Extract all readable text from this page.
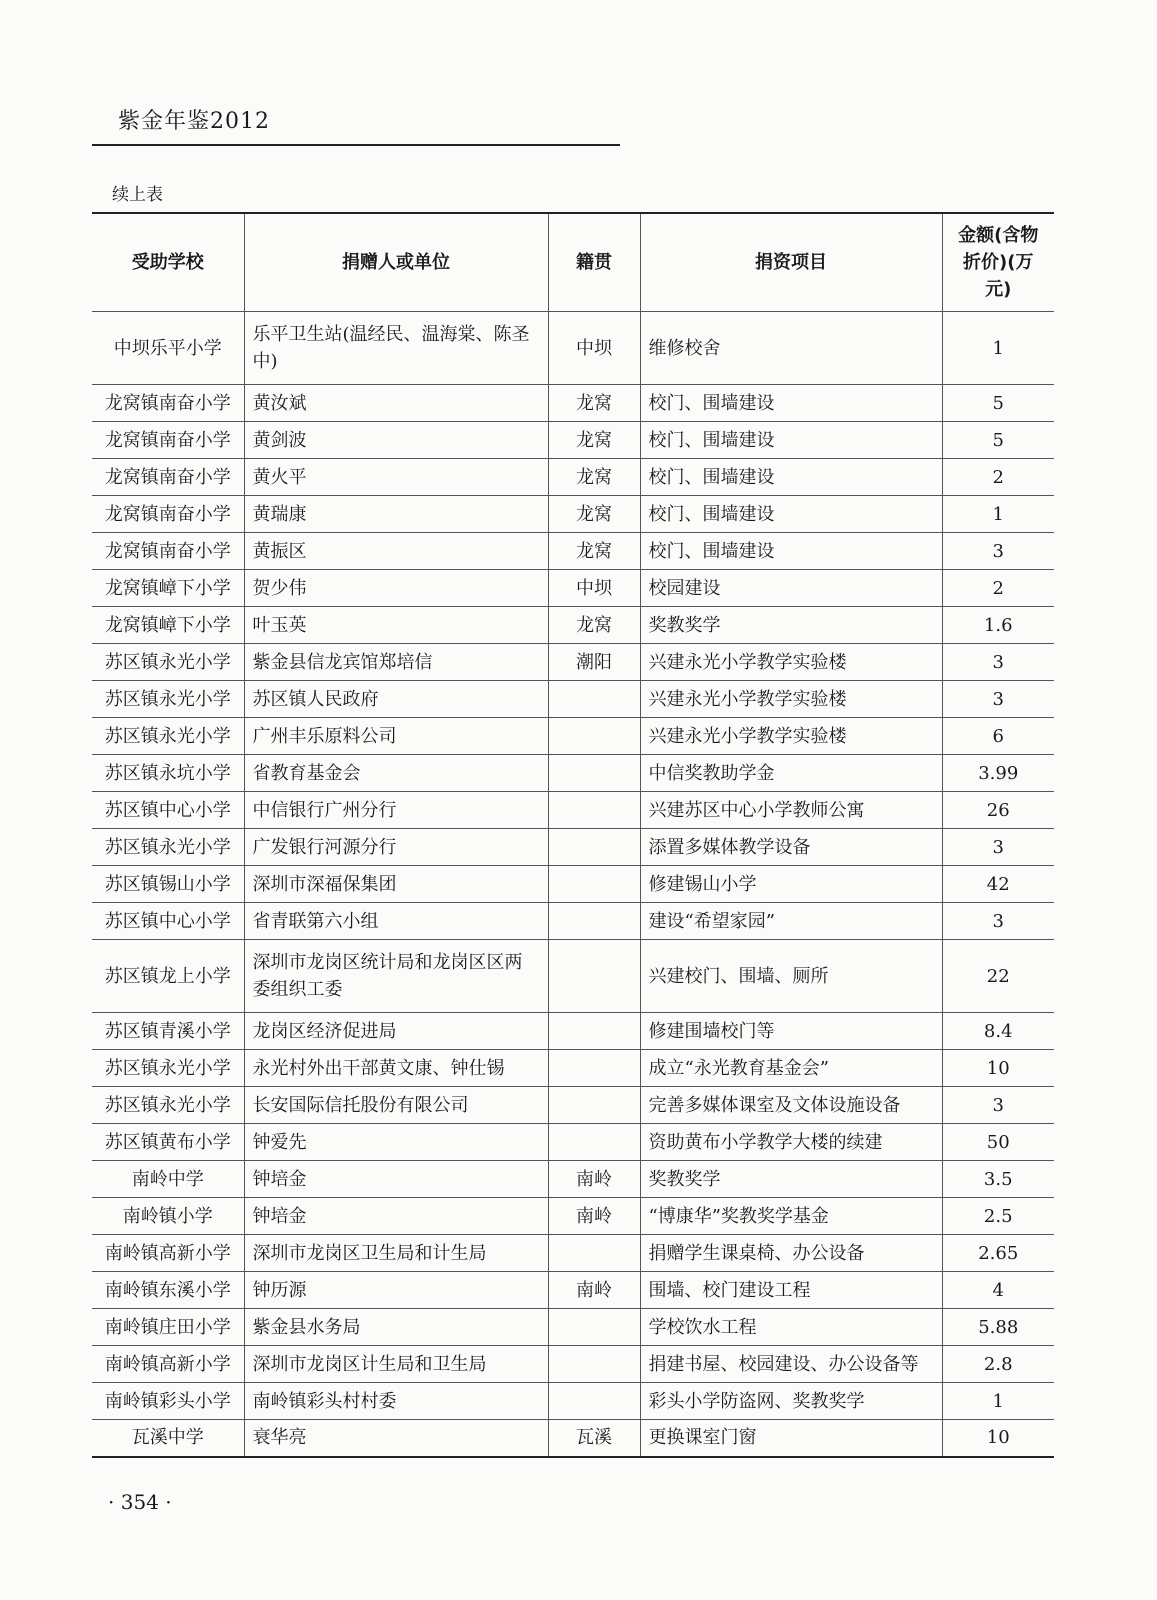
紫金年鉴2012
续上表
受助学校	捐赠人或单位	籍贯	捐资项目	金额(含物折价)(万元)
中坝乐平小学	乐平卫生站(温经民、温海棠、陈圣中)	中坝	维修校舍	1
龙窝镇南奋小学	黄汝斌	龙窝	校门、围墙建设	5
龙窝镇南奋小学	黄剑波	龙窝	校门、围墙建设	5
龙窝镇南奋小学	黄火平	龙窝	校门、围墙建设	2
龙窝镇南奋小学	黄瑞康	龙窝	校门、围墙建设	1
龙窝镇南奋小学	黄振区	龙窝	校门、围墙建设	3
龙窝镇嶂下小学	贺少伟	中坝	校园建设	2
龙窝镇嶂下小学	叶玉英	龙窝	奖教奖学	1.6
苏区镇永光小学	紫金县信龙宾馆郑培信	潮阳	兴建永光小学教学实验楼	3
苏区镇永光小学	苏区镇人民政府		兴建永光小学教学实验楼	3
苏区镇永光小学	广州丰乐原料公司		兴建永光小学教学实验楼	6
苏区镇永坑小学	省教育基金会		中信奖教助学金	3.99
苏区镇中心小学	中信银行广州分行		兴建苏区中心小学教师公寓	26
苏区镇永光小学	广发银行河源分行		添置多媒体教学设备	3
苏区镇锡山小学	深圳市深福保集团		修建锡山小学	42
苏区镇中心小学	省青联第六小组		建设“希望家园”	3
苏区镇龙上小学	深圳市龙岗区统计局和龙岗区区两委组织工委		兴建校门、围墙、厕所	22
苏区镇青溪小学	龙岗区经济促进局		修建围墙校门等	8.4
苏区镇永光小学	永光村外出干部黄文康、钟仕锡		成立“永光教育基金会”	10
苏区镇永光小学	长安国际信托股份有限公司		完善多媒体课室及文体设施设备	3
苏区镇黄布小学	钟爱先		资助黄布小学教学大楼的续建	50
南岭中学	钟培金	南岭	奖教奖学	3.5
南岭镇小学	钟培金	南岭	“博康华”奖教奖学基金	2.5
南岭镇高新小学	深圳市龙岗区卫生局和计生局		捐赠学生课桌椅、办公设备	2.65
南岭镇东溪小学	钟历源	南岭	围墙、校门建设工程	4
南岭镇庄田小学	紫金县水务局		学校饮水工程	5.88
南岭镇高新小学	深圳市龙岗区计生局和卫生局		捐建书屋、校园建设、办公设备等	2.8
南岭镇彩头小学	南岭镇彩头村村委		彩头小学防盗网、奖教奖学	1
瓦溪中学	衰华亮	瓦溪	更换课室门窗	10
· 354 ·
